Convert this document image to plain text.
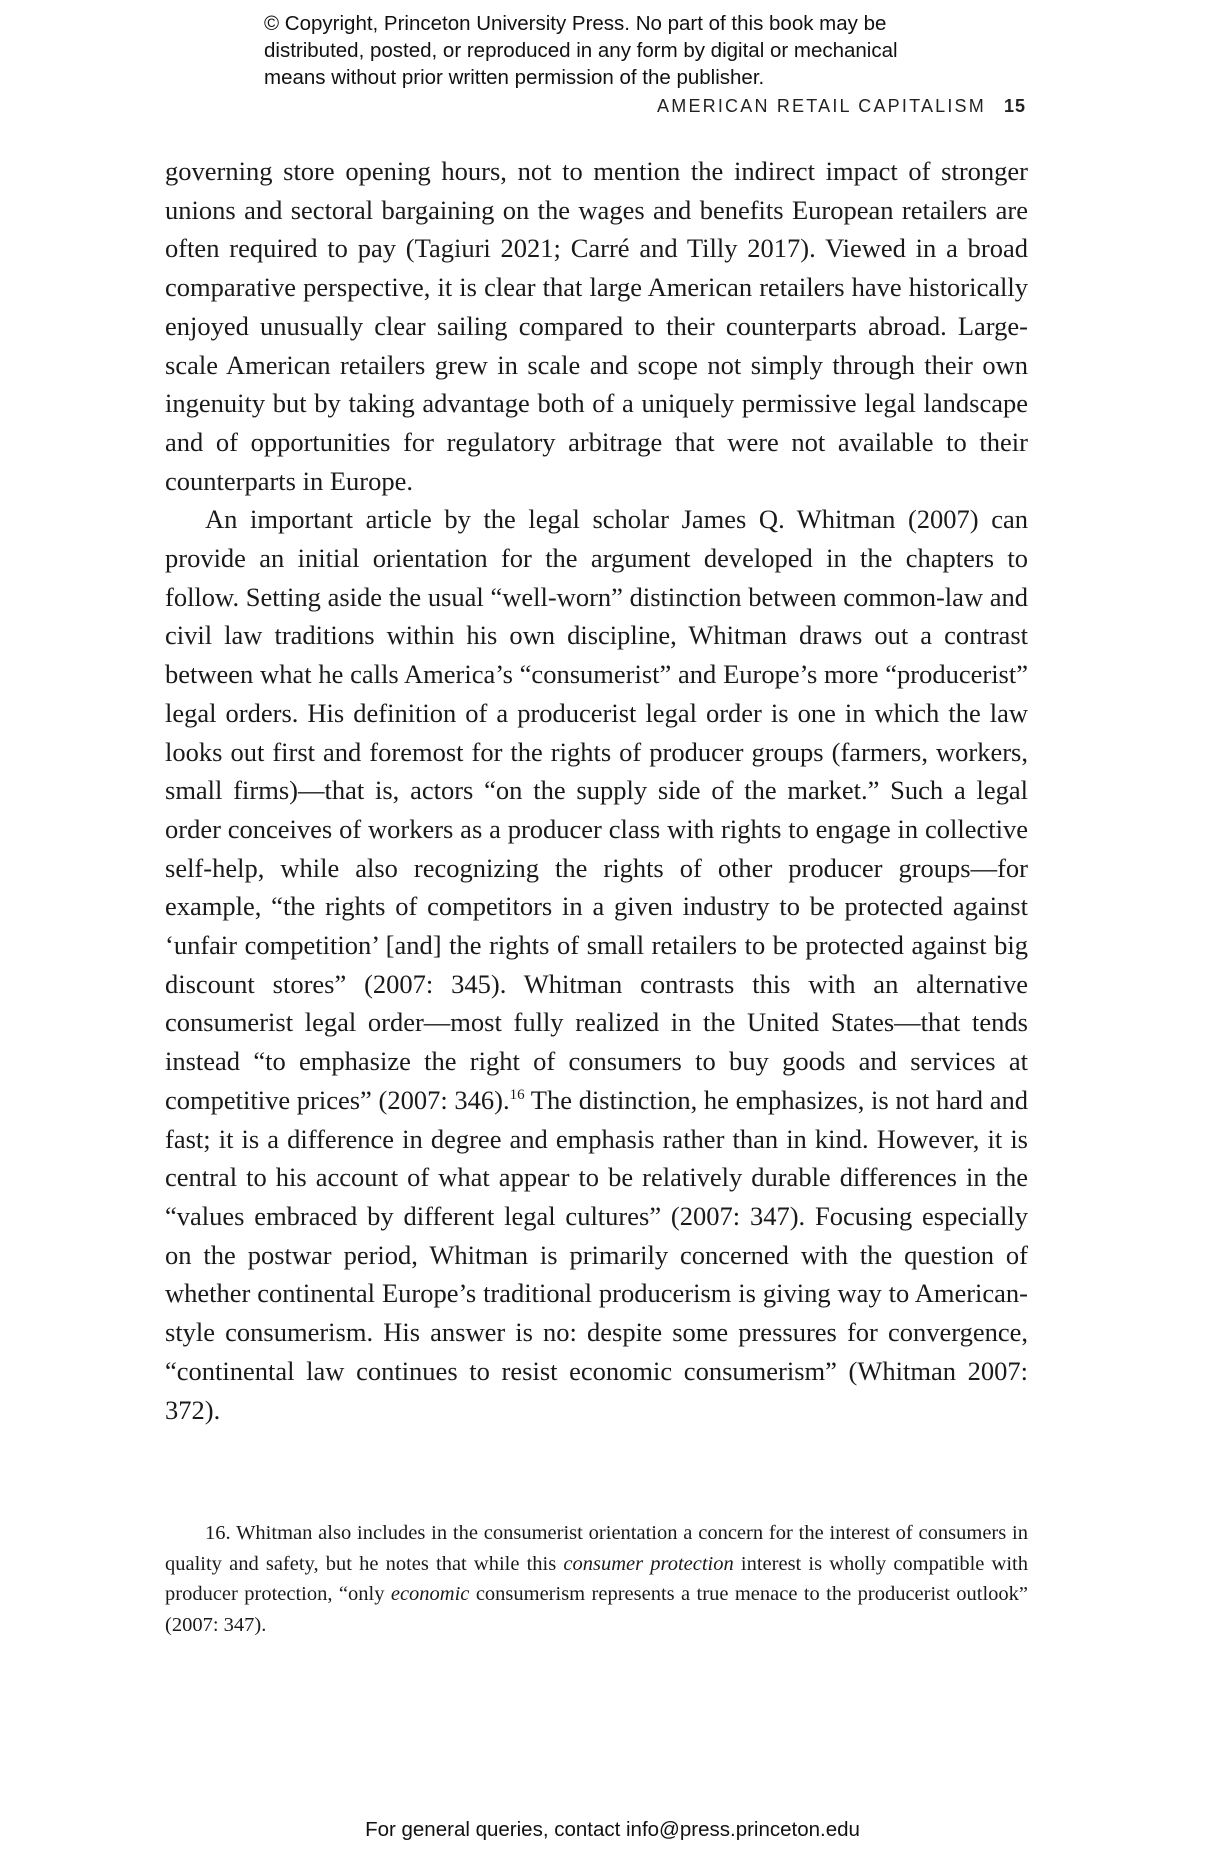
© Copyright, Princeton University Press. No part of this book may be
distributed, posted, or reproduced in any form by digital or mechanical
means without prior written permission of the publisher.
AMERICAN RETAIL CAPITALISM 15

governing store opening hours, not to mention the indirect impact of stronger unions and sectoral bargaining on the wages and benefits European retailers are often required to pay (Tagiuri 2021; Carré and Tilly 2017). Viewed in a broad comparative perspective, it is clear that large American retailers have historically enjoyed unusually clear sailing compared to their counterparts abroad. Large-scale American retailers grew in scale and scope not simply through their own ingenuity but by taking advantage both of a uniquely permissive legal landscape and of opportunities for regulatory arbitrage that were not available to their counterparts in Europe.

An important article by the legal scholar James Q. Whitman (2007) can provide an initial orientation for the argument developed in the chapters to follow. Setting aside the usual “well-worn” distinction between common-law and civil law traditions within his own discipline, Whitman draws out a contrast between what he calls America’s “consumerist” and Europe’s more “producerist” legal orders. His definition of a producerist legal order is one in which the law looks out first and foremost for the rights of producer groups (farmers, workers, small firms)—that is, actors “on the supply side of the market.” Such a legal order conceives of workers as a producer class with rights to engage in collective self-help, while also recognizing the rights of other producer groups—for example, “the rights of competitors in a given industry to be protected against ‘unfair competition’ [and] the rights of small retailers to be protected against big discount stores” (2007: 345). Whitman contrasts this with an alternative consumerist legal order—most fully realized in the United States—that tends instead “to emphasize the right of consumers to buy goods and services at competitive prices” (2007: 346).$^{16}$ The distinction, he emphasizes, is not hard and fast; it is a difference in degree and emphasis rather than in kind. However, it is central to his account of what appear to be relatively durable differences in the “values embraced by different legal cultures” (2007: 347). Focusing especially on the postwar period, Whitman is primarily concerned with the question of whether continental Europe’s traditional producerism is giving way to American-style consumerism. His answer is no: despite some pressures for convergence, “continental law continues to resist economic consumerism” (Whitman 2007: 372).

16. Whitman also includes in the consumerist orientation a concern for the interest of consumers in quality and safety, but he notes that while this consumer protection interest is wholly compatible with producer protection, “only economic consumerism represents a true menace to the producerist outlook” (2007: 347).

For general queries, contact info@press.princeton.edu
